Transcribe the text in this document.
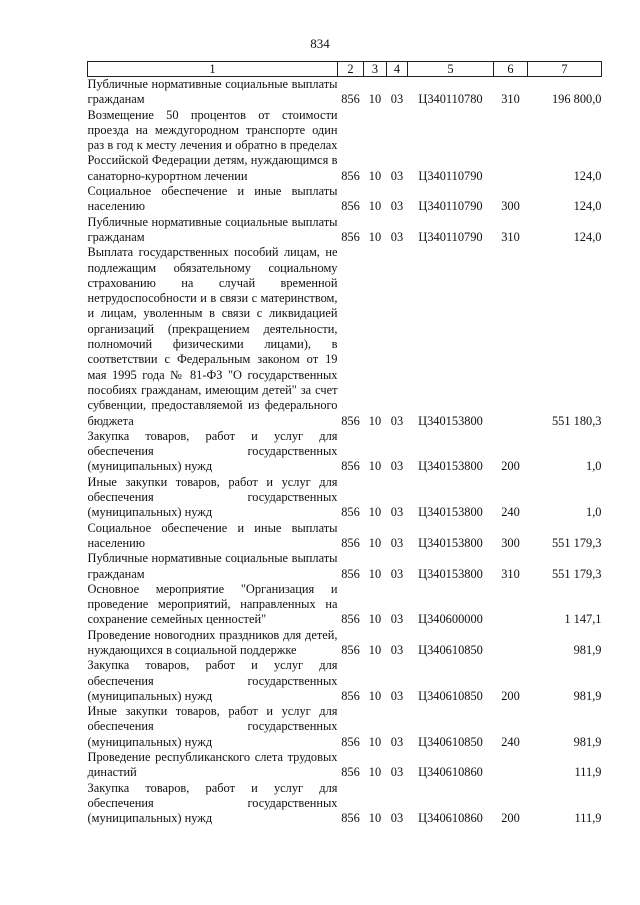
834
1	2	3	4	5	6	7
Публичные нормативные социальные выплаты гражданам	856	10	03	Ц340110780	310	196 800,0
Возмещение 50 процентов от стоимости проезда на междугородном транспорте один раз в год к месту лечения и обратно в пределах Российской Федерации детям, нуждающимся в санаторно-курортном лечении	856	10	03	Ц340110790		124,0
Социальное обеспечение и иные выплаты населению	856	10	03	Ц340110790	300	124,0
Публичные нормативные социальные выплаты гражданам	856	10	03	Ц340110790	310	124,0
Выплата государственных пособий лицам, не подлежащим обязательному социальному страхованию на случай временной нетрудоспособности и в связи с материнством, и лицам, уволенным в связи с ликвидацией организаций (прекращением деятельности, полномочий физическими лицами), в соответствии с Федеральным законом от 19 мая 1995 года № 81-ФЗ "О государственных пособиях гражданам, имеющим детей" за счет субвенции, предоставляемой из федерального бюджета	856	10	03	Ц340153800		551 180,3
Закупка товаров, работ и услуг для обеспечения государственных (муниципальных) нужд	856	10	03	Ц340153800	200	1,0
Иные закупки товаров, работ и услуг для обеспечения государственных (муниципальных) нужд	856	10	03	Ц340153800	240	1,0
Социальное обеспечение и иные выплаты населению	856	10	03	Ц340153800	300	551 179,3
Публичные нормативные социальные выплаты гражданам	856	10	03	Ц340153800	310	551 179,3
Основное мероприятие "Организация и проведение мероприятий, направленных на сохранение семейных ценностей"	856	10	03	Ц340600000		1 147,1
Проведение новогодних праздников для детей, нуждающихся в социальной поддержке	856	10	03	Ц340610850		981,9
Закупка товаров, работ и услуг для обеспечения государственных (муниципальных) нужд	856	10	03	Ц340610850	200	981,9
Иные закупки товаров, работ и услуг для обеспечения государственных (муниципальных) нужд	856	10	03	Ц340610850	240	981,9
Проведение республиканского слета трудовых династий	856	10	03	Ц340610860		111,9
Закупка товаров, работ и услуг для обеспечения государственных (муниципальных) нужд	856	10	03	Ц340610860	200	111,9
